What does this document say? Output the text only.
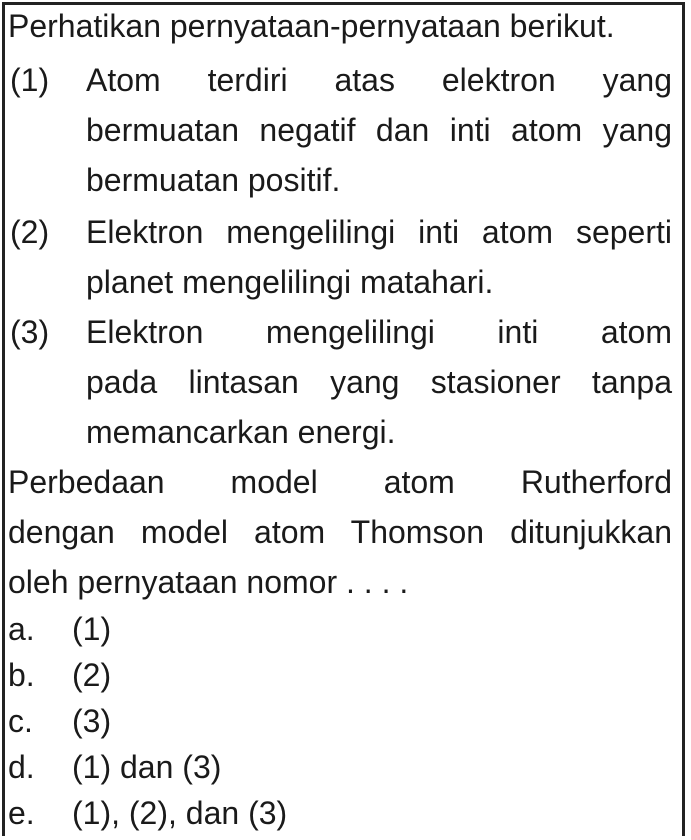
Perhatikan pernyataan-pernyataan berikut.
(1) Atom terdiri atas elektron yang
bermuatan negatif dan inti atom yang
bermuatan positif.
(2) Elektron mengelilingi inti atom seperti
planet mengelilingi matahari.
(3) Elektron mengelilingi inti atom
pada lintasan yang stasioner tanpa
memancarkan energi.
Perbedaan model atom Rutherford
dengan model atom Thomson ditunjukkan
oleh pernyataan nomor . . . .
a. (1)
b. (2)
c. (3)
d. (1) dan (3)
e. (1), (2), dan (3)
